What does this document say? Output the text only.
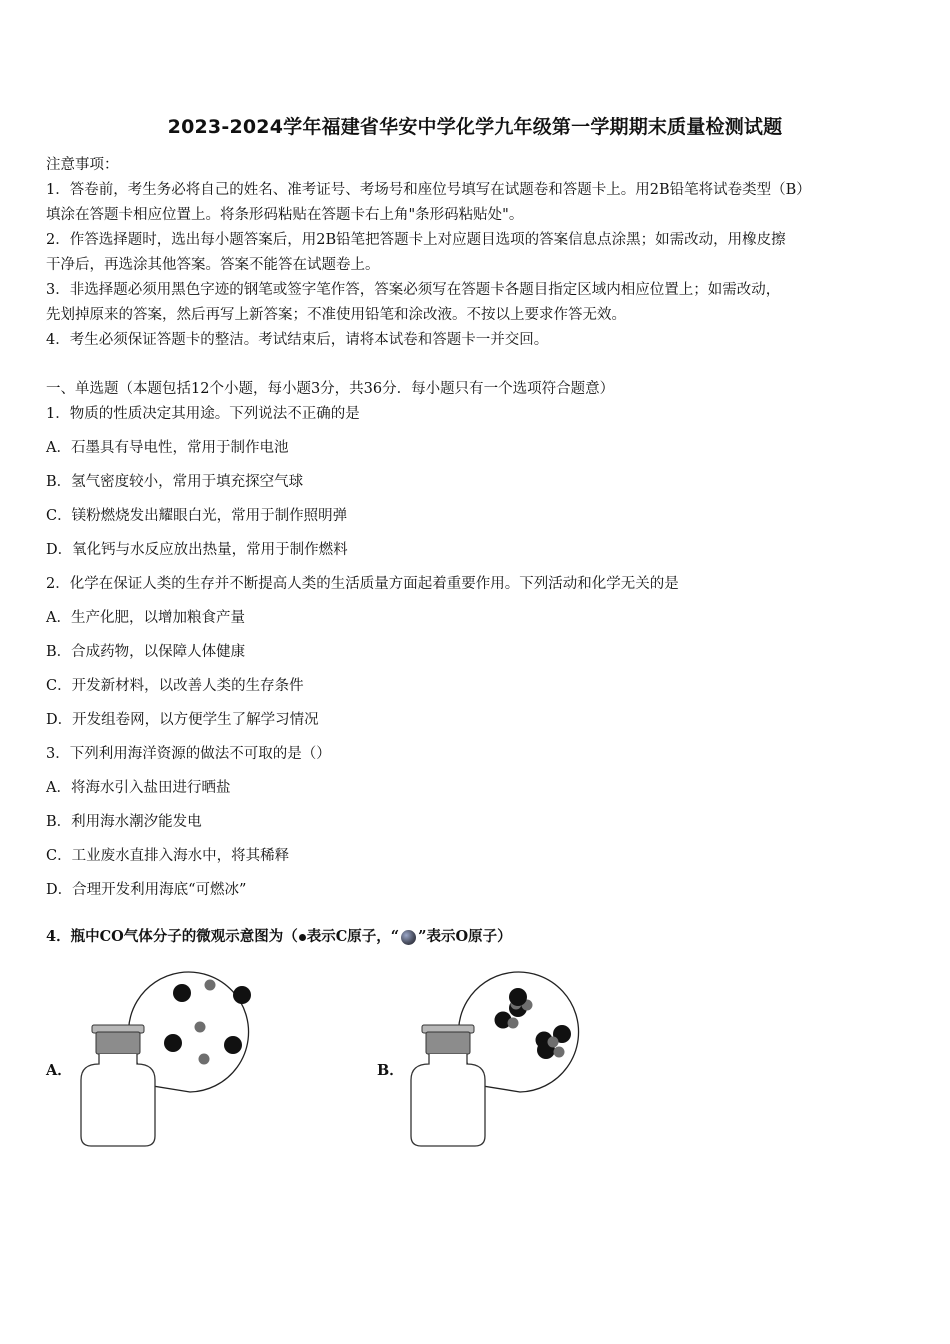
2023-2024学年福建省华安中学化学九年级第一学期期末质量检测试题
注意事项：
1．答卷前，考生务必将自己的姓名、准考证号、考场号和座位号填写在试题卷和答题卡上。用2B铅笔将试卷类型（B）
填涂在答题卡相应位置上。将条形码粘贴在答题卡右上角"条形码粘贴处"。
2．作答选择题时，选出每小题答案后，用2B铅笔把答题卡上对应题目选项的答案信息点涂黑；如需改动，用橡皮擦
干净后，再选涂其他答案。答案不能答在试题卷上。
3．非选择题必须用黑色字迹的钢笔或签字笔作答，答案必须写在答题卡各题目指定区域内相应位置上；如需改动，
先划掉原来的答案，然后再写上新答案；不准使用铅笔和涂改液。不按以上要求作答无效。
4．考生必须保证答题卡的整洁。考试结束后，请将本试卷和答题卡一并交回。
一、单选题（本题包括12个小题，每小题3分，共36分．每小题只有一个选项符合题意）
1．物质的性质决定其用途。下列说法不正确的是
A．石墨具有导电性，常用于制作电池
B．氢气密度较小，常用于填充探空气球
C．镁粉燃烧发出耀眼白光，常用于制作照明弹
D．氧化钙与水反应放出热量，常用于制作燃料
2．化学在保证人类的生存并不断提高人类的生活质量方面起着重要作用。下列活动和化学无关的是
A．生产化肥，以增加粮食产量
B．合成药物，以保障人体健康
C．开发新材料，以改善人类的生存条件
D．开发组卷网，以方便学生了解学习情况
3．下列利用海洋资源的做法不可取的是（）
A．将海水引入盐田进行晒盐
B．利用海水潮汐能发电
C．工业废水直排入海水中，将其稀释
D．合理开发利用海底“可燃冰”
4．瓶中CO气体分子的微观示意图为（ 表示C原子，“ ”表示O原子）
A．	B．
